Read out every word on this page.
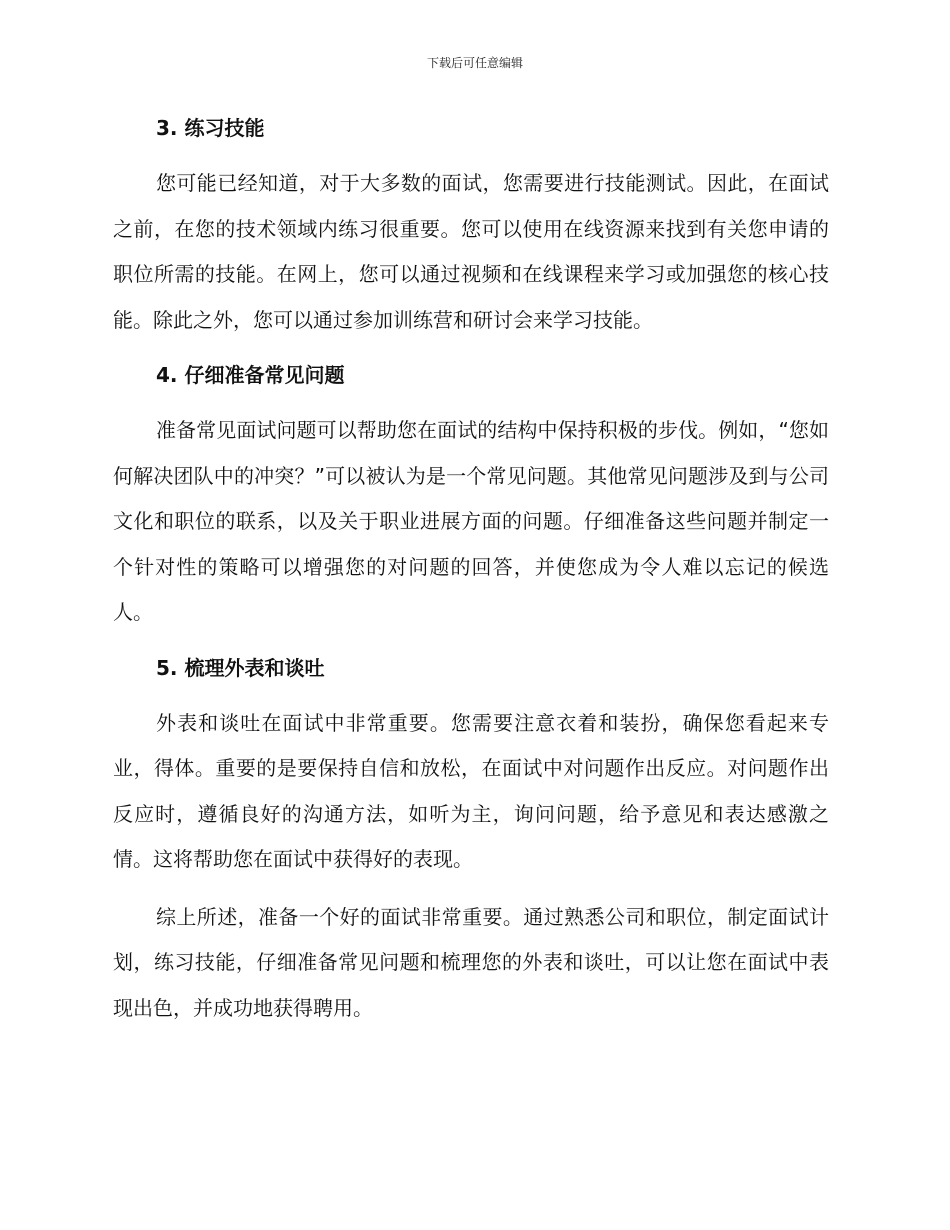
下载后可任意编辑
3. 练习技能

您可能已经知道，对于大多数的面试，您需要进行技能测试。因此，在面试之前，在您的技术领域内练习很重要。您可以使用在线资源来找到有关您申请的职位所需的技能。在网上，您可以通过视频和在线课程来学习或加强您的核心技能。除此之外，您可以通过参加训练营和研讨会来学习技能。

4. 仔细准备常见问题

准备常见面试问题可以帮助您在面试的结构中保持积极的步伐。例如，“您如何解决团队中的冲突？”可以被认为是一个常见问题。其他常见问题涉及到与公司文化和职位的联系，以及关于职业进展方面的问题。仔细准备这些问题并制定一个针对性的策略可以增强您的对问题的回答，并使您成为令人难以忘记的候选人。

5. 梳理外表和谈吐

外表和谈吐在面试中非常重要。您需要注意衣着和装扮，确保您看起来专业，得体。重要的是要保持自信和放松，在面试中对问题作出反应。对问题作出反应时，遵循良好的沟通方法，如听为主，询问问题，给予意见和表达感激之情。这将帮助您在面试中获得好的表现。

综上所述，准备一个好的面试非常重要。通过熟悉公司和职位，制定面试计划，练习技能，仔细准备常见问题和梳理您的外表和谈吐，可以让您在面试中表现出色，并成功地获得聘用。
